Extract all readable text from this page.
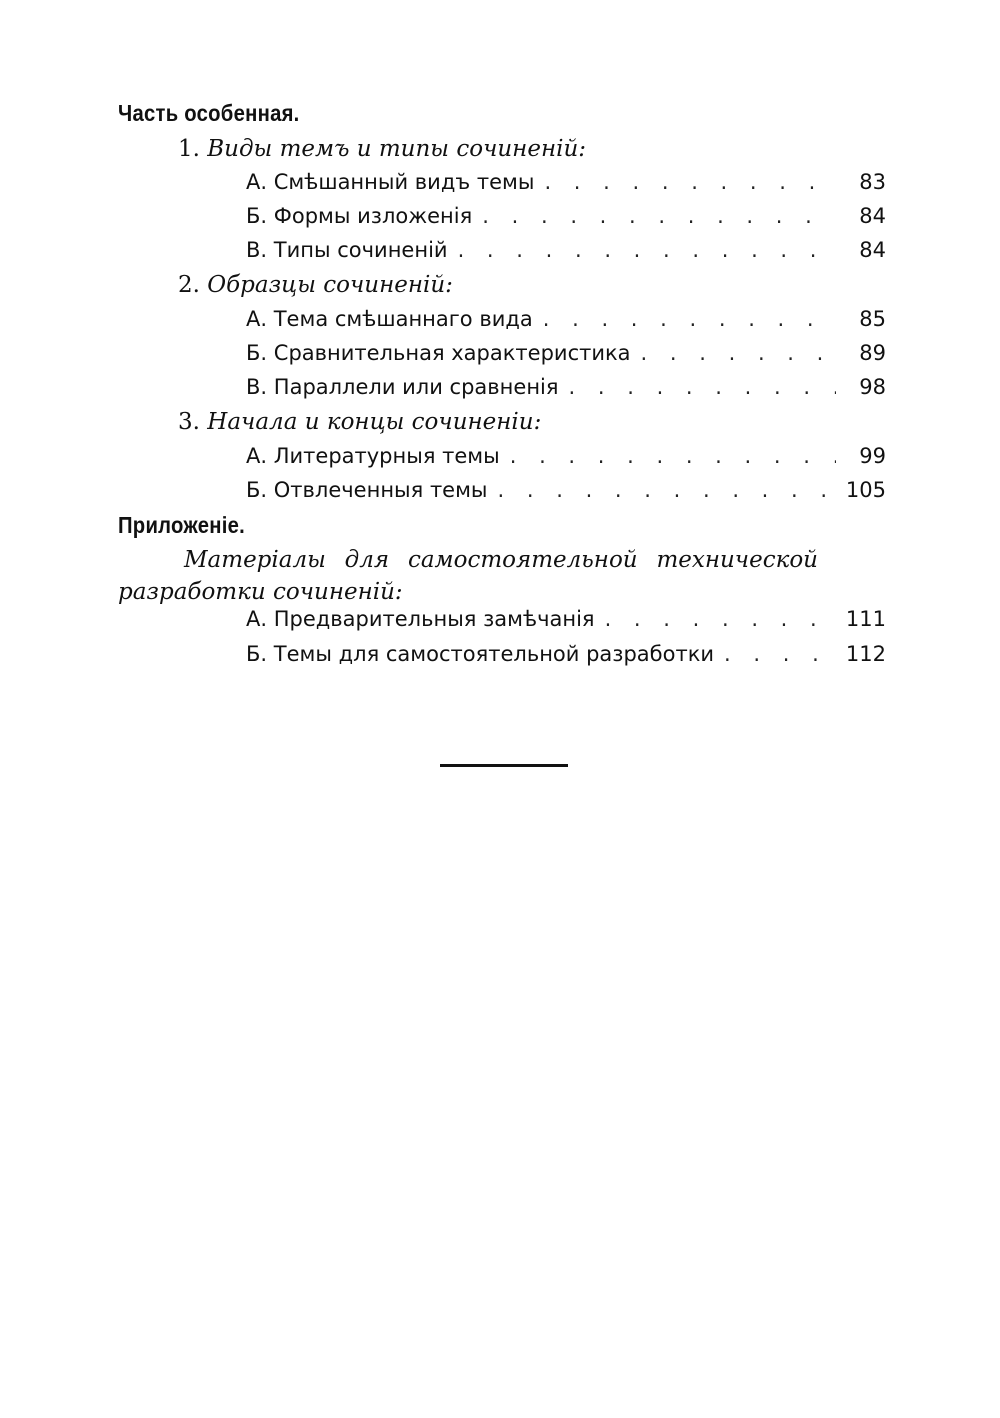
Часть особенная.
1. Виды темъ и типы сочиненій:
А. Смѣшанный видъ темы . . .	83
Б. Формы изложенія . . .	84
В. Типы сочиненій . . .	84
2. Образцы сочиненій:
А. Тема смѣшаннаго вида . . .	85
Б. Сравнительная характеристика . . .	89
В. Параллели или сравненія . . .	98
3. Начала и концы сочиненіи:
А. Литературныя темы . . .	99
Б. Отвлеченныя темы . . .	105
Приложеніе.
Матеріалы для самостоятельной технической
разработки сочиненій:
А. Предварительныя замѣчанія . . .	111
Б. Темы для самостоятельной разработки . . .	112
